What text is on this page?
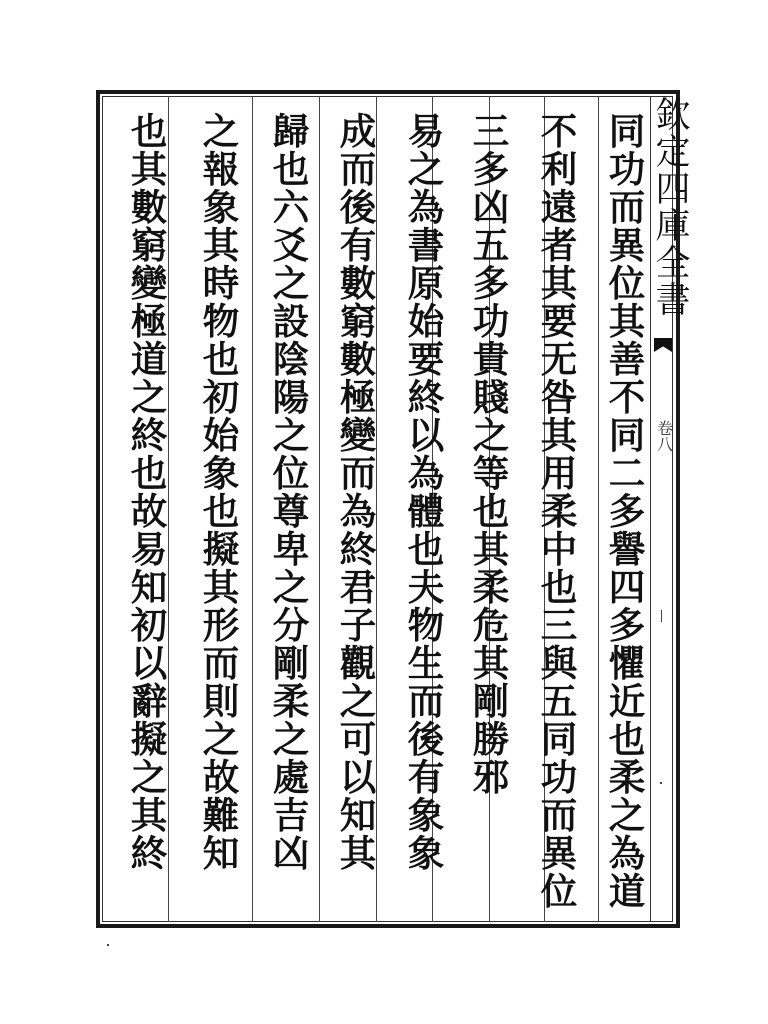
欽定四庫全書
卷八
同功而異位其善不同二多譽四多懼近也柔之為道
不利遠者其要无咎其用柔中也三與五同功而異位
三多凶五多功貴賤之等也其柔危其剛勝邪
易之為書原始要終以為體也夫物生而後有象象
成而後有數窮數極變而為終君子觀之可以知其
歸也六爻之設陰陽之位尊卑之分剛柔之處吉凶
之報象其時物也初始象也擬其形而則之故難知
也其數窮變極道之終也故易知初以辭擬之其終
